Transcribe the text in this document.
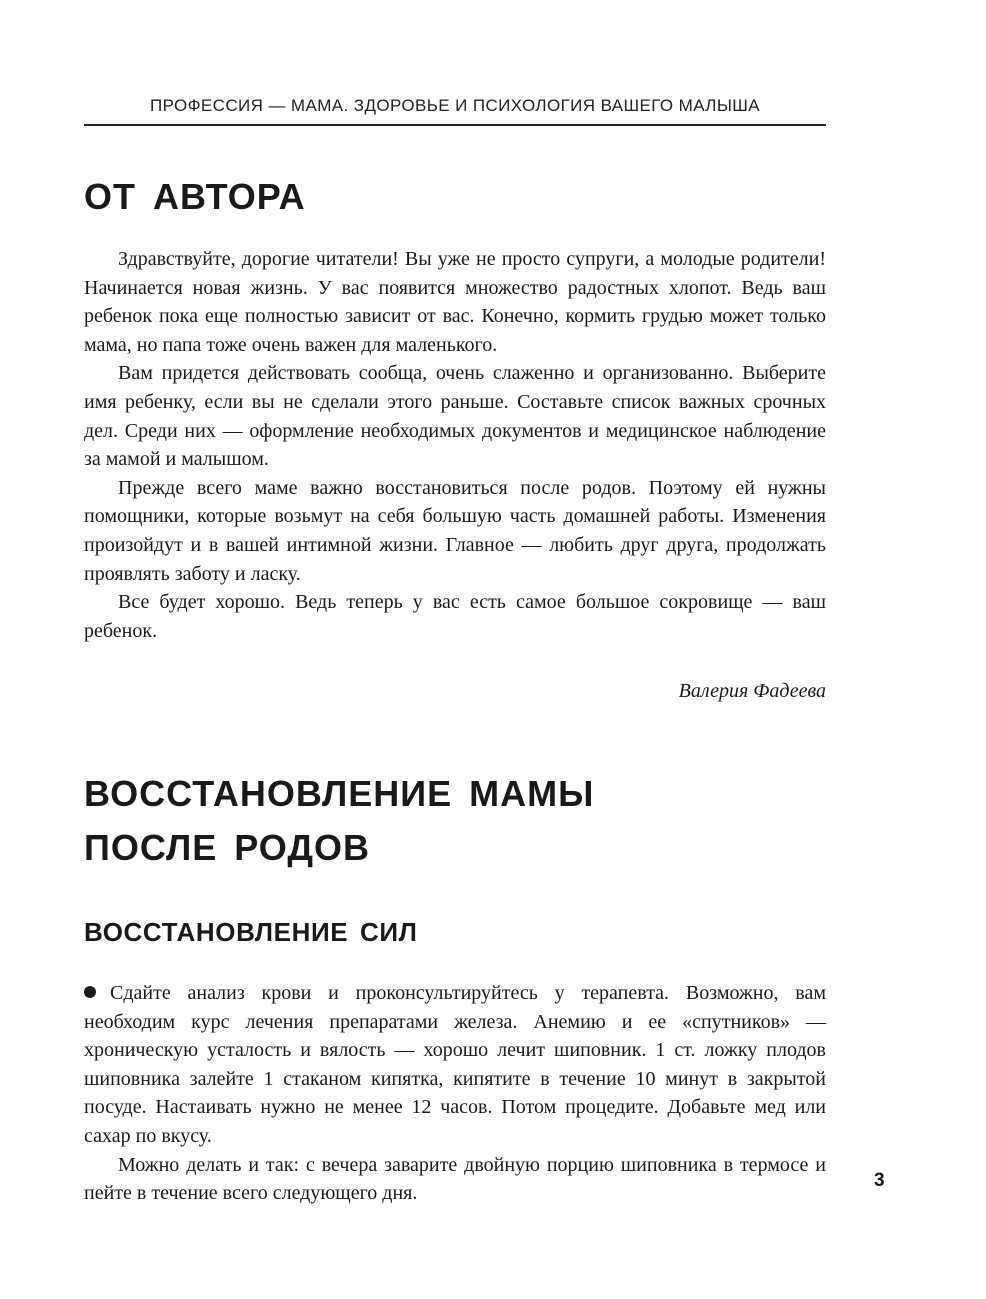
ПРОФЕССИЯ — МАМА. ЗДОРОВЬЕ И ПСИХОЛОГИЯ ВАШЕГО МАЛЫША
ОТ АВТОРА

Здравствуйте, дорогие читатели! Вы уже не просто супруги, а молодые родители! Начинается новая жизнь. У вас появится множество радостных хлопот. Ведь ваш ребенок пока еще полностью зависит от вас. Конечно, кормить грудью может только мама, но папа тоже очень важен для маленького.

Вам придется действовать сообща, очень слаженно и организованно. Выберите имя ребенку, если вы не сделали этого раньше. Составьте список важных срочных дел. Среди них — оформление необходимых документов и медицинское наблюдение за мамой и малышом.

Прежде всего маме важно восстановиться после родов. Поэтому ей нужны помощники, которые возьмут на себя большую часть домашней работы. Изменения произойдут и в вашей интимной жизни. Главное — любить друг друга, продолжать проявлять заботу и ласку.

Все будет хорошо. Ведь теперь у вас есть самое большое сокровище — ваш ребенок.

Валерия Фадеева
ВОССТАНОВЛЕНИЕ МАМЫ
ПОСЛЕ РОДОВ
ВОССТАНОВЛЕНИЕ СИЛ

Сдайте анализ крови и проконсультируйтесь у терапевта. Возможно, вам необходим курс лечения препаратами железа. Анемию и ее «спутников» — хроническую усталость и вялость — хорошо лечит шиповник. 1 ст. ложку плодов шиповника залейте 1 стаканом кипятка, кипятите в течение 10 минут в закрытой посуде. Настаивать нужно не менее 12 часов. Потом процедите. Добавьте мед или сахар по вкусу.

Можно делать и так: с вечера заварите двойную порцию шиповника в термосе и пейте в течение всего следующего дня.

3
